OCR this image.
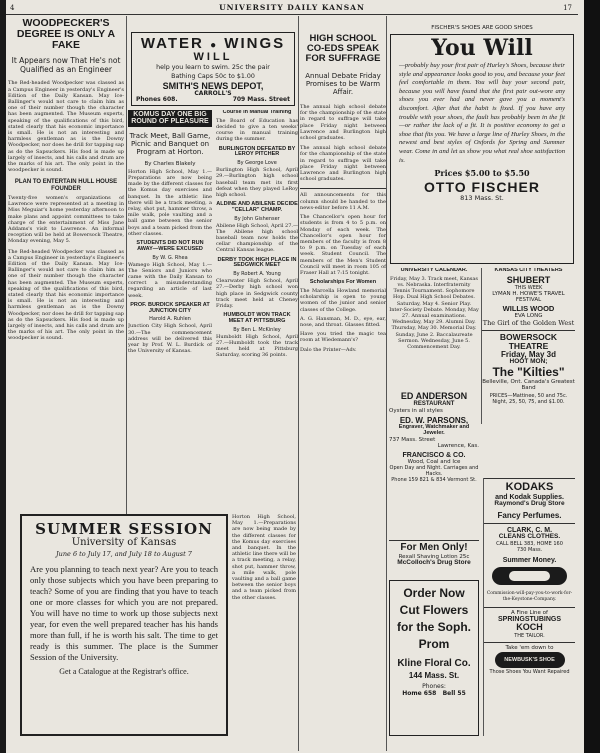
4	UNIVERSITY DAILY KANSAN	17

WOODPECKER'S DEGREE IS ONLY A FAKE

It Appears now That He's not Qualified as an Engineer

The Red-headed Woodpecker was classed as a Campus Engineer in yesterday's Engineer's Edition of the Daily Kansan. May Ice-Ballinger's would not care to claim him as one of their number though the character has been augmented. The Museum experts, speaking of the qualifications of this bird, stated clearly that his economic importance is small. He is not an interesting and harmless gentleman as is the Downy Woodpecker, nor does he drill for tapping sap as do the Sapsuckers. His food is made up largely of insects, and his calls and drum are the marks of his art. The only point in the woodpecker is sound.

PLAN TO ENTERTAIN HULL HOUSE FOUNDER

Twenty-five women's organizations of Lawrence were represented at a meeting in Miss Meguiar's home yesterday afternoon to make plans and appoint committees to take charge of the entertainment of Miss Jane Addams's visit to Lawrence. An informal reception will be held at Bowersock Theatre, Monday evening, May 5.

The Red-headed Woodpecker was classed as a Campus Engineer in yesterday's Engineer's Edition of the Daily Kansan. May Ice-Ballinger's would not care to claim him as one of their number though the character has been augmented. The Museum experts, speaking of the qualifications of this bird, stated clearly that his economic importance is small. He is not an interesting and harmless gentleman as is the Downy Woodpecker, nor does he drill for tapping sap as do the Sapsuckers. His food is made up largely of insects, and his calls and drum are the marks of his art. The only point in the woodpecker is sound.

WATER ● WINGS
WILL
help you learn to swim. 25c the pair
Bathing Caps 50c to $1.00
SMITH'S NEWS DEPOT,
CARROLL'S
Phones 608.	709 Mass. Street

KOMUS DAY ONE BIG ROUND OF PLEASURE

Track Meet, Ball Game, Picnic and Banquet on Program at Horton.

By Charles Blakely

Horton High School, May 1.—Preparations are now being made by the different classes for the Komus day exercises and banquet. In the athletic line there will be a track meeting, a relay, shot put, hammer throw, a mile walk, pole vaulting and a ball game between the senior boys and a team picked from the other classes.

STUDENTS DID NOT RUN AWAY—WERE EXCUSED

By W. G. Rhea

Wamego High School, May 1.—The Seniors and Juniors who came with the Daily Kansan to correct a misunderstanding regarding an article of last week.

PROF. BURDICK SPEAKER AT JUNCTION CITY

Harold A. Ruhlen

Junction City High School, April 30.—The commencement address will be delivered this year by Prof. W. L. Burdick of the University of Kansas.

Course in Manual Training

The Board of Education has decided to give a ten weeks' course in manual training during the summer.

BURLINGTON DEFEATED BY LEROY PITCHER

By George Love

Burlington High School, April 29.—Burlington high school baseball team met its first defeat when they played LeRoy high school.

ALDINE AND ABILENE DECIDE "CELLAR" CHAMP.

By John Gishenser

Abilene High School, April 27.—The Abilene high school baseball team now holds the cellar championship of the Central Kansas league.

DERBY TOOK HIGH PLACE IN SEDGWICK MEET

By Robert A. Young

Clearwater High School, April 27.—Derby high school won high place in Sedgwick county track meet held at Cheney Friday.

HUMBOLDT WON TRACK MEET AT PITTSBURG

By Ben L. McKinley

Humboldt High School, April 27.—Humboldt took the track meet held at Pittsburg Saturday, scoring 36 points.

SUMMER SESSION
University of Kansas
June 6 to July 17, and July 18 to August 7
Are you planning to teach next year? Are you to teach only those subjects which you have been preparing to teach? Some of you are finding that you have to teach one or more classes for which you are not prepared. You will have no time to work up those subjects next year, for even the well prepared teacher has his hands more than full, if he is worth his salt. The time to get ready is this summer. The place is the Summer Session of the University.
Get a Catalogue at the Registrar's office.
Horton High School, May 1.—Preparations are now being made by the different classes for the Komus day exercises and banquet. In the athletic line there will be a track meeting, a relay, shot put, hammer throw, a mile walk, pole vaulting and a ball game between the senior boys and a team picked from the other classes.

HIGH SCHOOL CO-EDS SPEAK FOR SUFFRAGE

Annual Debate Friday Promises to be Warm Affair.

The annual high school debate for the championship of the state in regard to suffrage will take place Friday night between Lawrence and Burlington high school graduates.

The annual high school debate for the championship of the state in regard to suffrage will take place Friday night between Lawrence and Burlington high school graduates.

All announcements for this column should be handed to the news-editor before 11 A.M.

The Chancellor's open hour for students is from 4 to 5 p.m. on Monday of each week. The Chancellor's open hour for members of the faculty is from 8 to 9 p.m. on Tuesday of each week. Student Council. The members of the Men's Student Council will meet in room 105 of Fraser Hall at 7:15 tonight.

Scholarships For Women

The Marcella Howland memorial scholarship is open to young women of the junior and senior classes of the College.

A. G. Hansman, M. D., eye, ear, nose, and throat. Glasses fitted.

Have you tried the magic tea room at Wiedemann's?

Dalo the Printer—Adv.

FISCHER'S SHOES ARE GOOD SHOES
You Will
—probably buy your first pair of Hurley's Shoes, because their style and appearance looks good to you, and because your feet feel comfortable in them. You will buy your second pair, because you will have found that the first pair out-wore any shoes you ever had and never gave you a moment's discomfort. After that the habit is fixed. If you have any trouble with your shoes, the fault has probably been in the fit—or rather the lack of a fit. It is positive economy to get a shoe that fits you. We have a large line of Hurley Shoes, in the newest and best styles of Oxfords for Spring and Summer wear. Come in and let us show you what real shoe satisfaction is.
Prices $5.00 to $5.50
OTTO FISCHER
813 Mass. St.
UNIVERSITY CALENDAR.
Friday, May 3. Track meet, Kansas vs. Nebraska. Interfraternity Tennis Tournament. Sophomore Hop. Dual High School Debates. Saturday, May 4. Senior Play. Inter-Society Debate. Monday, May 27. Annual examinations. Wednesday, May 29. Alumni Day. Thursday, May 30. Memorial Day. Sunday, June 2. Baccalaureate Sermon. Wednesday, June 5. Commencement Day.
KANSAS CITY THEATERS
SHUBERT
THIS WEEK
LYMAN H. HOWE'S TRAVEL FESTIVAL
WILLIS WOOD
EVA LONG
The Girl of the Golden West
BOWERSOCK THEATRE
Friday, May 3d
HOOT MON;
The "Kilties"
Belleville, Ont. Canada's Greatest Band
PRICES—Mattinee, 50 and 75c. Night, 25, 50, 75, and $1.00.
ED ANDERSON
RESTAURANT
Oysters in all styles
ED. W. PARSONS,
Engraver, Watchmaker and Jeweler.
737 Mass. Street
Lawrence, Kas.
FRANCISCO & CO.
Wood, Coal and Ice
Open Day and Night. Carriages and Hacks.
Phone 159 821 & 834 Vermont St.
For Men Only!
Rexall Shaving Lotion 25c
McColloch's Drug Store
Order Now Cut Flowers for the Soph. Prom
Kline Floral Co.
144 Mass. St.
Phones:
Home 658 Bell 55
KODAKS
and Kodak Supplies.
Raymond's Drug Store
Fancy Perfumes.
CLARK, C. M.
CLEANS CLOTHES.
CALL BELL 383, HOME 160
730 Mass.
Summer Money.
Commission-will-pay-you-to-work-for-the-Keystone-Company.
A Fine Line of
SPRINGSTUBINGS
KOCH
THE TAILOR.
Take 'em down to
NEWBUSK'S SHOE
Those Shoes You Want Repaired
